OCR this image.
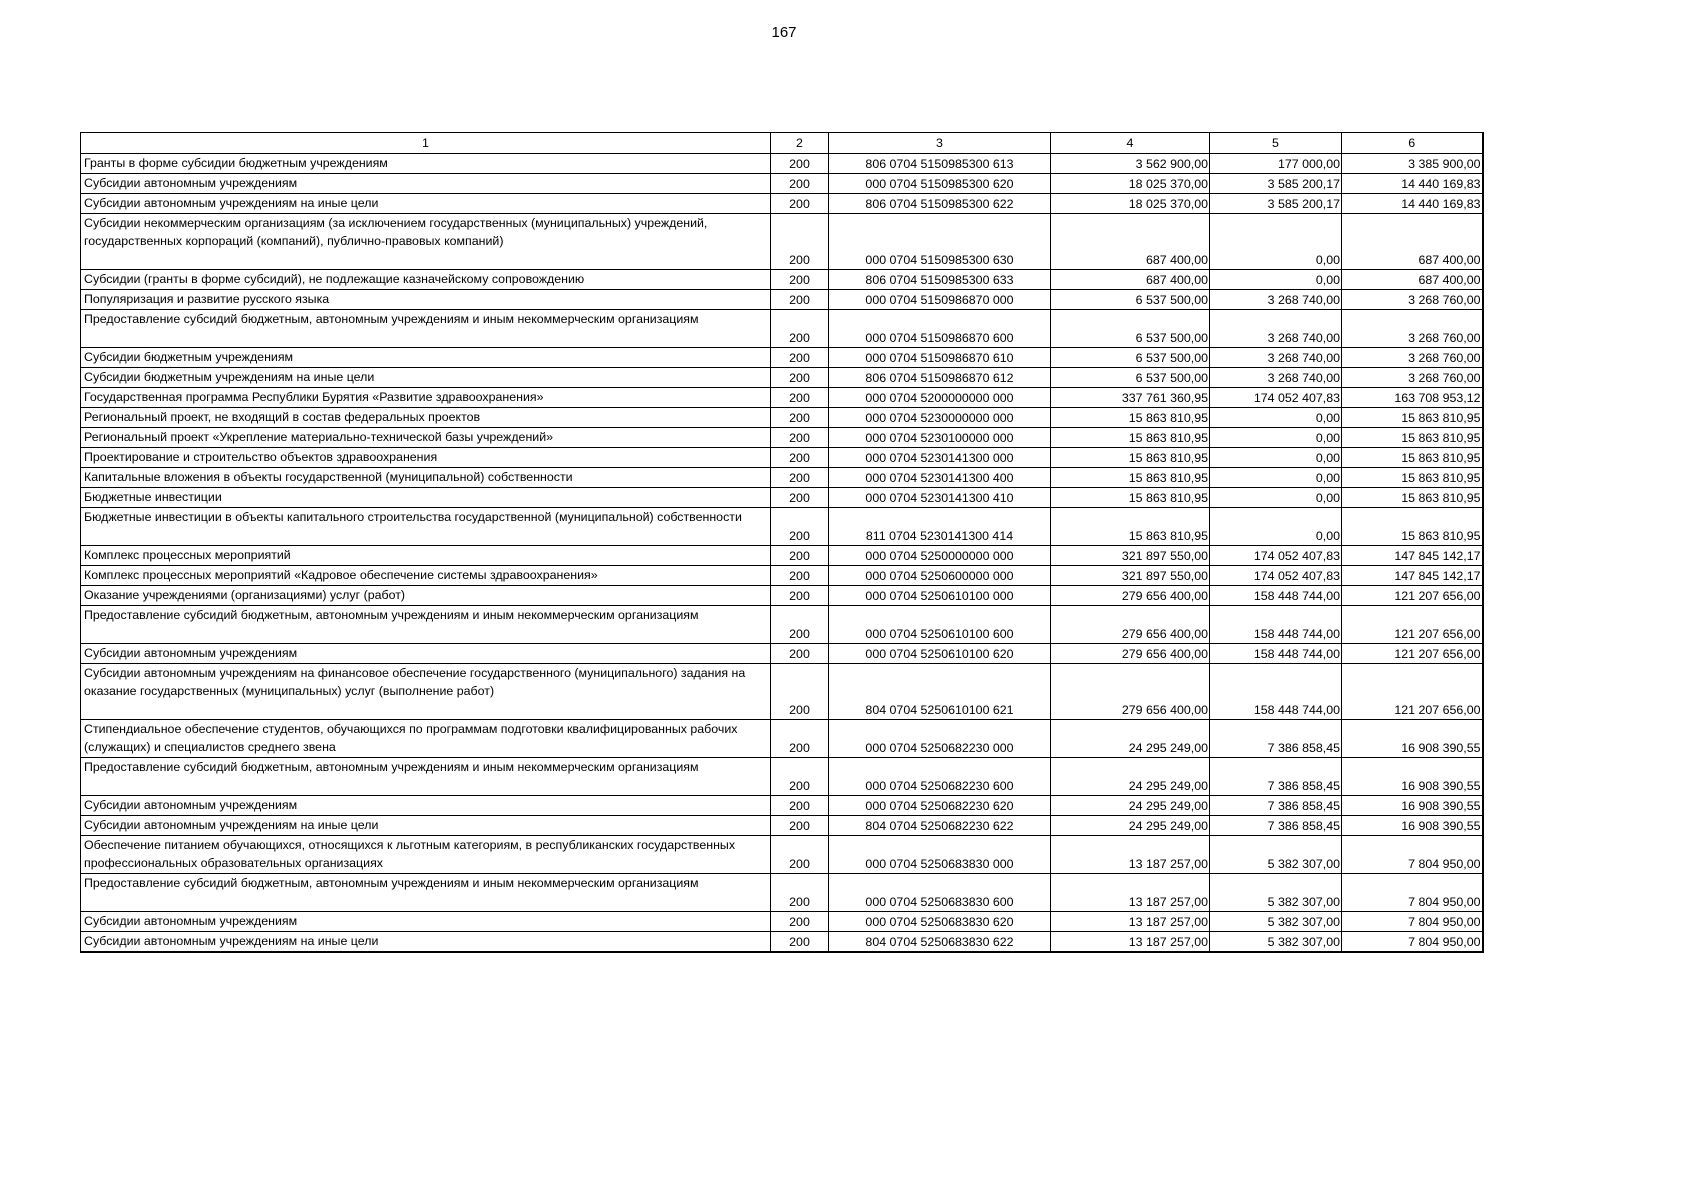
167
1	2	3	4	5	6
Гранты в форме субсидии бюджетным учреждениям	200	806 0704 5150985300 613	3 562 900,00	177 000,00	3 385 900,00
Субсидии автономным учреждениям	200	000 0704 5150985300 620	18 025 370,00	3 585 200,17	14 440 169,83
Субсидии автономным учреждениям на иные цели	200	806 0704 5150985300 622	18 025 370,00	3 585 200,17	14 440 169,83
Субсидии некоммерческим организациям (за исключением государственных (муниципальных) учреждений, государственных корпораций (компаний), публично-правовых компаний)	200	000 0704 5150985300 630	687 400,00	0,00	687 400,00
Субсидии (гранты в форме субсидий), не подлежащие казначейскому сопровождению	200	806 0704 5150985300 633	687 400,00	0,00	687 400,00
Популяризация и развитие русского языка	200	000 0704 5150986870 000	6 537 500,00	3 268 740,00	3 268 760,00
Предоставление субсидий бюджетным, автономным учреждениям и иным некоммерческим организациям	200	000 0704 5150986870 600	6 537 500,00	3 268 740,00	3 268 760,00
Субсидии бюджетным учреждениям	200	000 0704 5150986870 610	6 537 500,00	3 268 740,00	3 268 760,00
Субсидии бюджетным учреждениям на иные цели	200	806 0704 5150986870 612	6 537 500,00	3 268 740,00	3 268 760,00
Государственная программа Республики Бурятия «Развитие здравоохранения»	200	000 0704 5200000000 000	337 761 360,95	174 052 407,83	163 708 953,12
Региональный проект, не входящий в состав федеральных проектов	200	000 0704 5230000000 000	15 863 810,95	0,00	15 863 810,95
Региональный проект «Укрепление материально-технической базы учреждений»	200	000 0704 5230100000 000	15 863 810,95	0,00	15 863 810,95
Проектирование и строительство объектов здравоохранения	200	000 0704 5230141300 000	15 863 810,95	0,00	15 863 810,95
Капитальные вложения в объекты государственной (муниципальной) собственности	200	000 0704 5230141300 400	15 863 810,95	0,00	15 863 810,95
Бюджетные инвестиции	200	000 0704 5230141300 410	15 863 810,95	0,00	15 863 810,95
Бюджетные инвестиции в объекты капитального строительства государственной (муниципальной) собственности	200	811 0704 5230141300 414	15 863 810,95	0,00	15 863 810,95
Комплекс процессных мероприятий	200	000 0704 5250000000 000	321 897 550,00	174 052 407,83	147 845 142,17
Комплекс процессных мероприятий «Кадровое обеспечение системы здравоохранения»	200	000 0704 5250600000 000	321 897 550,00	174 052 407,83	147 845 142,17
Оказание учреждениями (организациями) услуг (работ)	200	000 0704 5250610100 000	279 656 400,00	158 448 744,00	121 207 656,00
Предоставление субсидий бюджетным, автономным учреждениям и иным некоммерческим организациям	200	000 0704 5250610100 600	279 656 400,00	158 448 744,00	121 207 656,00
Субсидии автономным учреждениям	200	000 0704 5250610100 620	279 656 400,00	158 448 744,00	121 207 656,00
Субсидии автономным учреждениям на финансовое обеспечение государственного (муниципального) задания на оказание государственных (муниципальных) услуг (выполнение работ)	200	804 0704 5250610100 621	279 656 400,00	158 448 744,00	121 207 656,00
Стипендиальное обеспечение студентов, обучающихся по программам подготовки квалифицированных рабочих (служащих) и специалистов среднего звена	200	000 0704 5250682230 000	24 295 249,00	7 386 858,45	16 908 390,55
Предоставление субсидий бюджетным, автономным учреждениям и иным некоммерческим организациям	200	000 0704 5250682230 600	24 295 249,00	7 386 858,45	16 908 390,55
Субсидии автономным учреждениям	200	000 0704 5250682230 620	24 295 249,00	7 386 858,45	16 908 390,55
Субсидии автономным учреждениям на иные цели	200	804 0704 5250682230 622	24 295 249,00	7 386 858,45	16 908 390,55
Обеспечение питанием обучающихся, относящихся к льготным категориям, в республиканских государственных профессиональных образовательных организациях	200	000 0704 5250683830 000	13 187 257,00	5 382 307,00	7 804 950,00
Предоставление субсидий бюджетным, автономным учреждениям и иным некоммерческим организациям	200	000 0704 5250683830 600	13 187 257,00	5 382 307,00	7 804 950,00
Субсидии автономным учреждениям	200	000 0704 5250683830 620	13 187 257,00	5 382 307,00	7 804 950,00
Субсидии автономным учреждениям на иные цели	200	804 0704 5250683830 622	13 187 257,00	5 382 307,00	7 804 950,00
